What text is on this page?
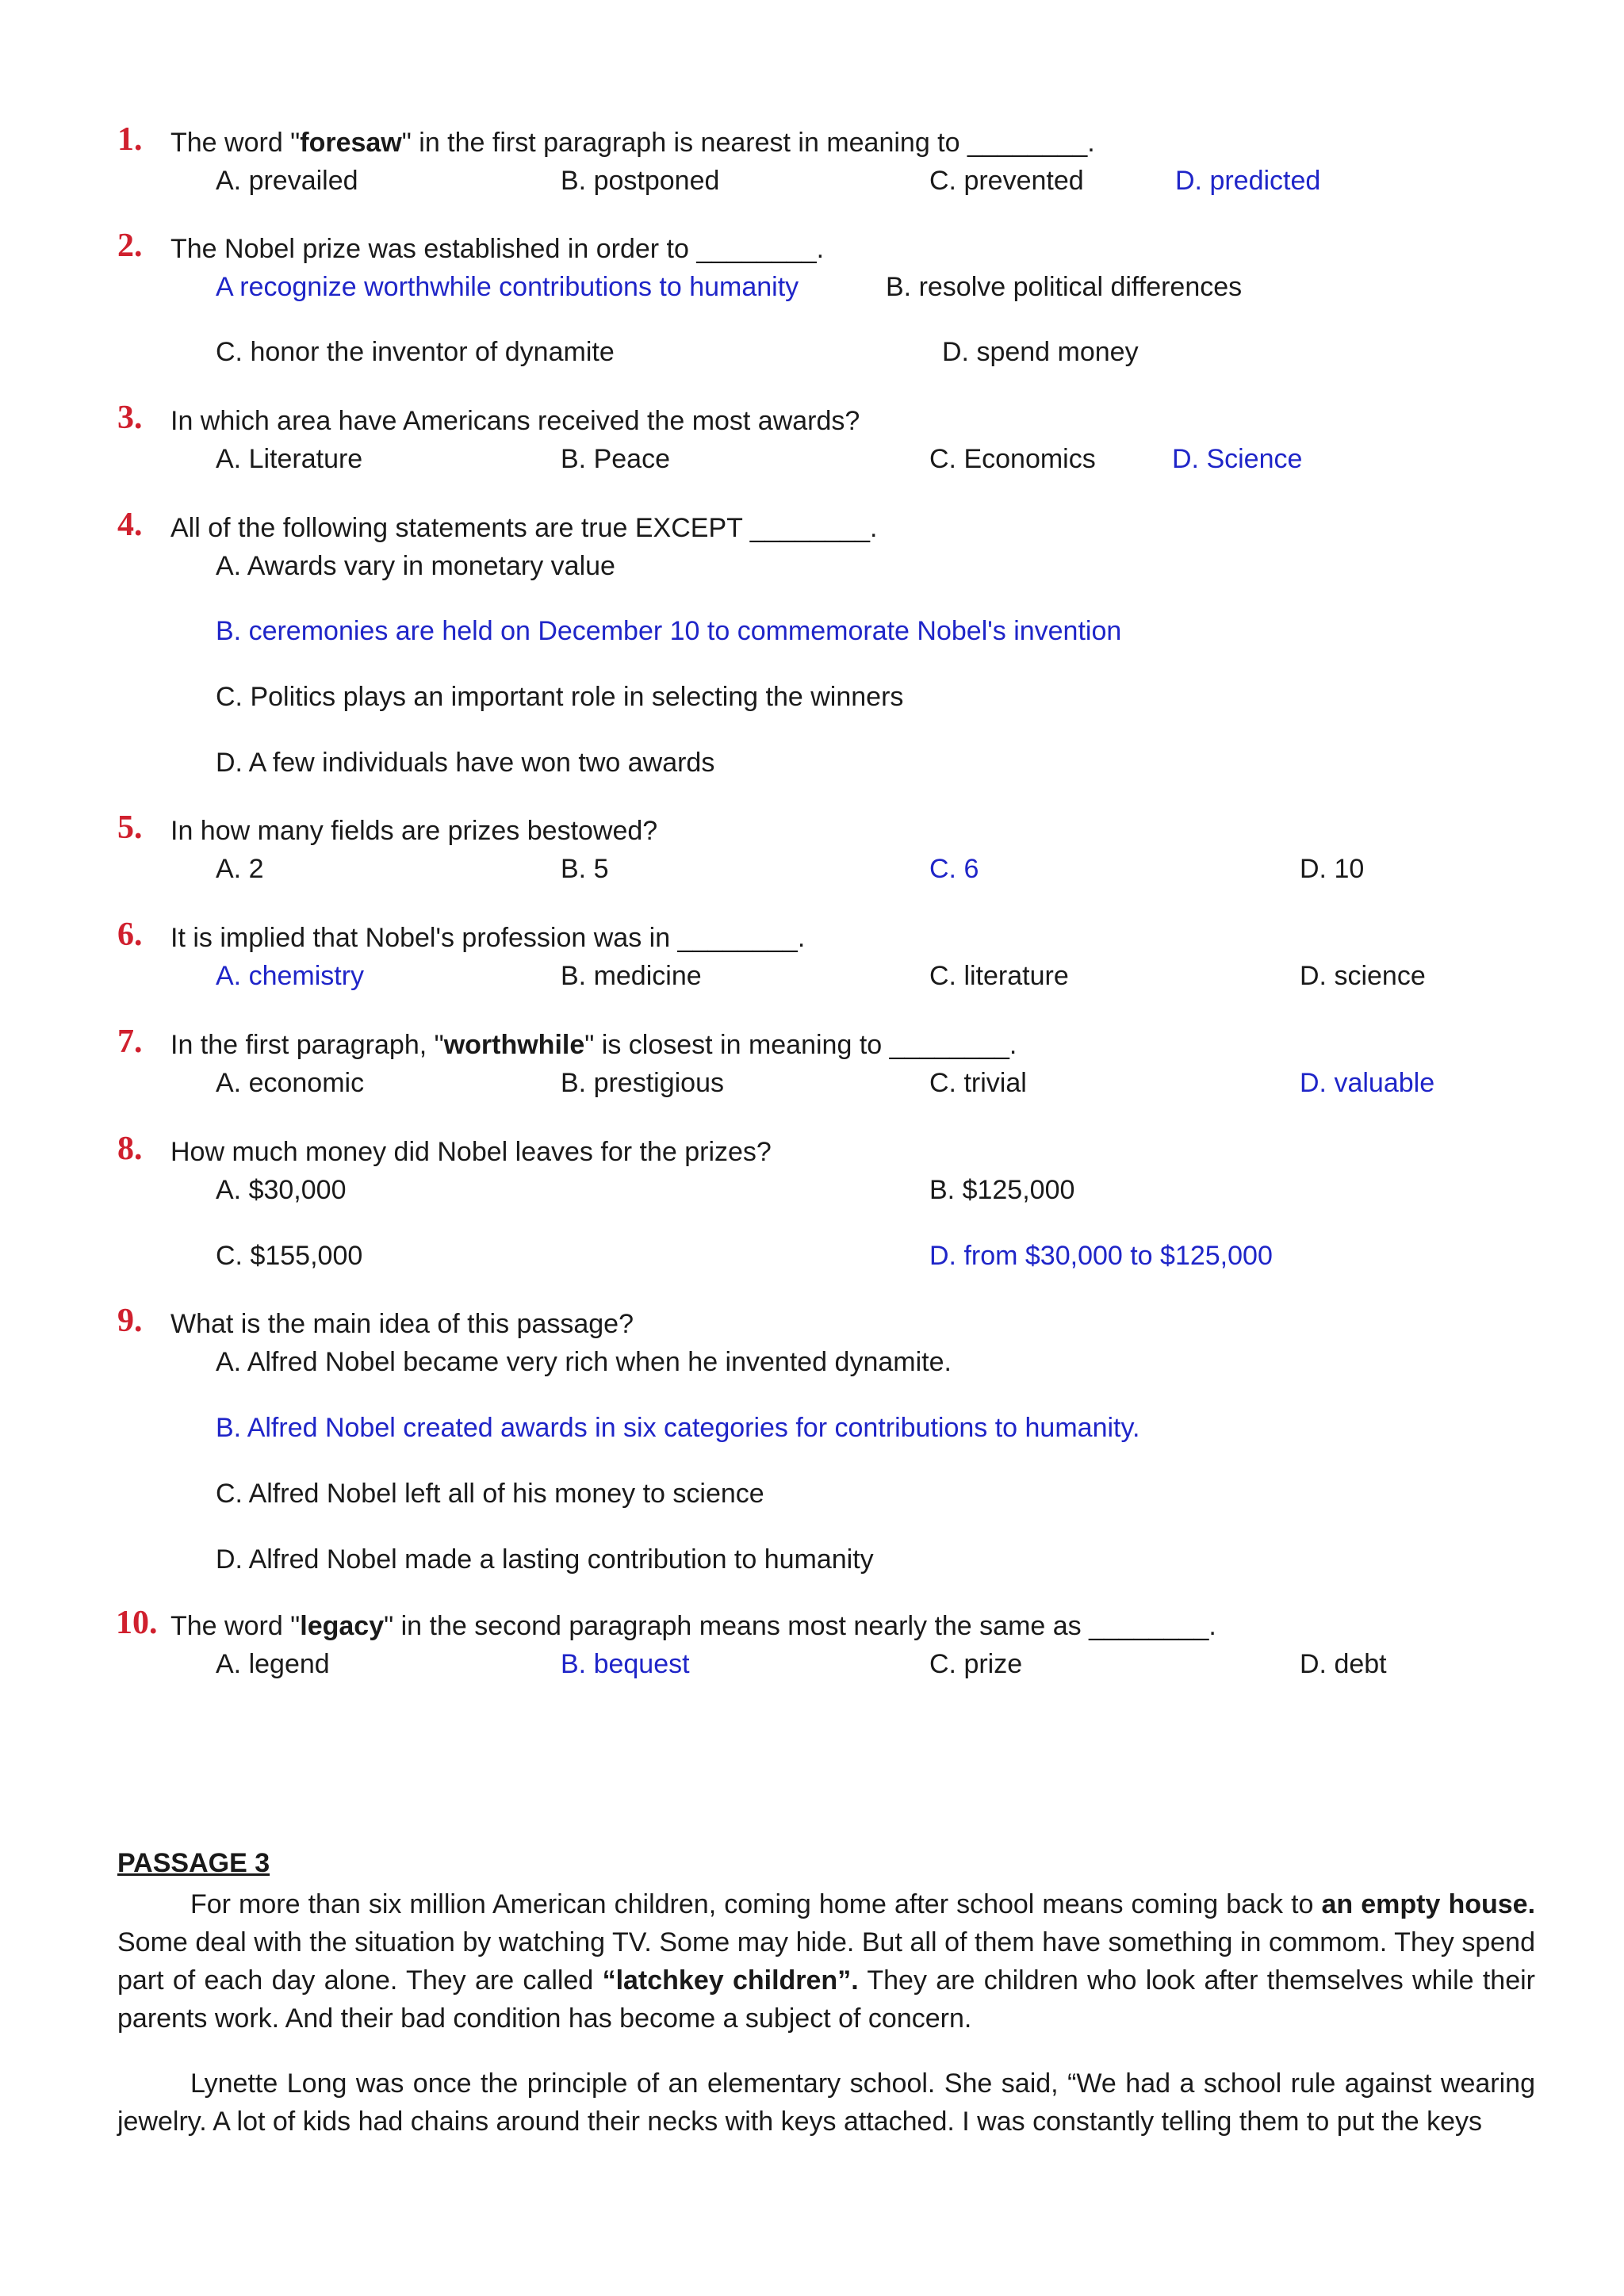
1. The word "foresaw" in the first paragraph is nearest in meaning to ________.
A. prevailed	B. postponed	C. prevented	D. predicted
2. The Nobel prize was established in order to ________.
A recognize worthwhile contributions to humanity	B. resolve political differences
C. honor the inventor of dynamite	D. spend money
3. In which area have Americans received the most awards?
A. Literature	B. Peace	C. Economics	D. Science
4. All of the following statements are true EXCEPT ________.
A. Awards vary in monetary value
B. ceremonies are held on December 10 to commemorate Nobel's invention
C. Politics plays an important role in selecting the winners
D. A few individuals have won two awards
5. In how many fields are prizes bestowed?
A. 2	B. 5	C. 6	D. 10
6. It is implied that Nobel's profession was in ________.
A. chemistry	B. medicine	C. literature	D. science
7. In the first paragraph, "worthwhile" is closest in meaning to ________.
A. economic	B. prestigious	C. trivial	D. valuable
8. How much money did Nobel leaves for the prizes?
A. $30,000	B. $125,000
C. $155,000	D. from $30,000 to $125,000
9. What is the main idea of this passage?
A. Alfred Nobel became very rich when he invented dynamite.
B. Alfred Nobel created awards in six categories for contributions to humanity.
C. Alfred Nobel left all of his money to science
D. Alfred Nobel made a lasting contribution to humanity
10. The word "legacy" in the second paragraph means most nearly the same as ________.
A. legend	B. bequest	C. prize	D. debt
PASSAGE 3

For more than six million American children, coming home after school means coming back to an empty house. Some deal with the situation by watching TV. Some may hide. But all of them have something in commom. They spend part of each day alone. They are called “latchkey children”. They are children who look after themselves while their parents work. And their bad condition has become a subject of concern.

Lynette Long was once the principle of an elementary school. She said, “We had a school rule against wearing jewelry. A lot of kids had chains around their necks with keys attached. I was constantly telling them to put the keys
